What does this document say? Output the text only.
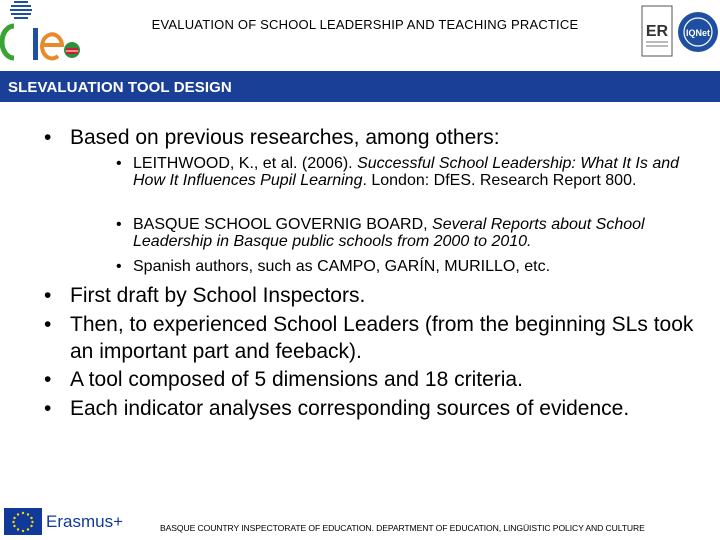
EVALUATION OF SCHOOL LEADERSHIP AND TEACHING PRACTICE	ER IQNet
SLEVALUATION TOOL DESIGN
• Based on previous researches, among others:
• LEITHWOOD, K., et al. (2006). Successful School Leadership: What It Is and How It Influences Pupil Learning. London: DfES. Research Report 800.
• BASQUE SCHOOL GOVERNIG BOARD, Several Reports about School Leadership in Basque public schools from 2000 to 2010.
• Spanish authors, such as CAMPO, GARÍN, MURILLO, etc.
• First draft by School Inspectors.
• Then, to experienced School Leaders (from the beginning SLs took an important part and feeback).
• A tool composed of 5 dimensions and 18 criteria.
• Each indicator analyses corresponding sources of evidence.
Erasmus+	BASQUE COUNTRY INSPECTORATE OF EDUCATION. DEPARTMENT OF EDUCATION, LINGÜISTIC POLICY AND CULTURE
